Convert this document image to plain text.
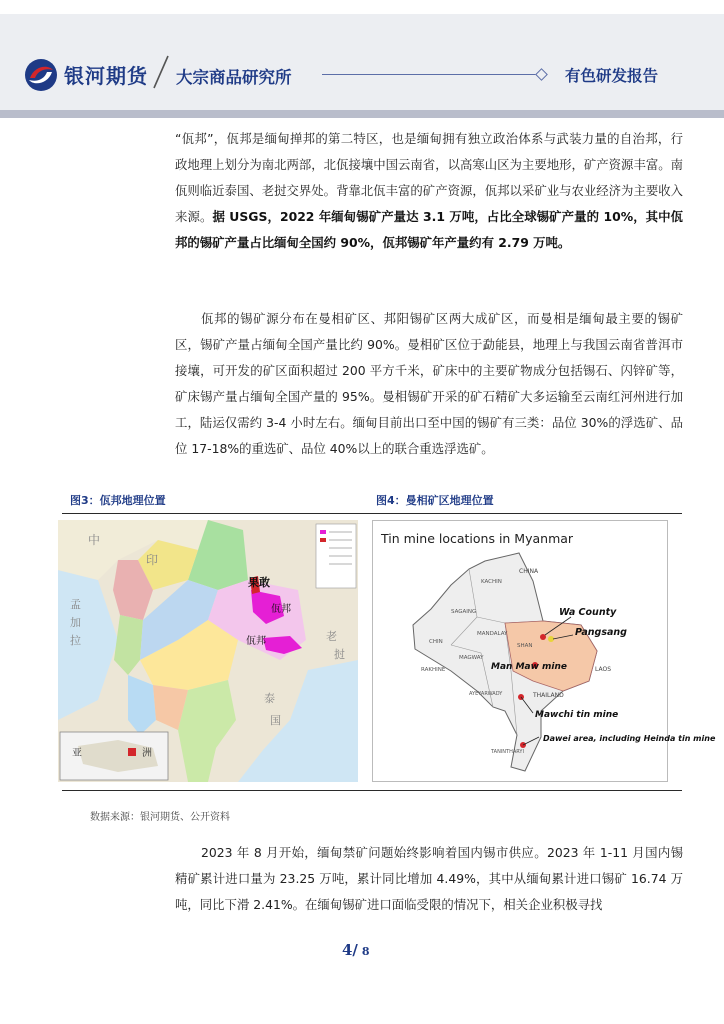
银河期货 大宗商品研究所	有色研发报告

“佤邦”，佤邦是缅甸掸邦的第二特区，也是缅甸拥有独立政治体系与武装力量的自治邦，行政地理上划分为南北两部，北佤接壤中国云南省，以高寒山区为主要地形，矿产资源丰富。南佤则临近泰国、老挝交界处。背靠北佤丰富的矿产资源，佤邦以采矿业与农业经济为主要收入来源。据 USGS，2022 年缅甸锡矿产量达 3.1 万吨，占比全球锡矿产量的 10%，其中佤邦的锡矿产量占比缅甸全国约 90%，佤邦锡矿年产量约有 2.79 万吨。

佤邦的锡矿源分布在曼相矿区、邦阳锡矿区两大成矿区，而曼相是缅甸最主要的锡矿区，锡矿产量占缅甸全国产量比约 90%。曼相矿区位于勐能县，地理上与我国云南省普洱市接壤，可开发的矿区面积超过 200 平方千米，矿床中的主要矿物成分包括锡石、闪锌矿等，矿床锡产量占缅甸全国产量的 95%。曼相锡矿开采的矿石精矿大多运输至云南红河州进行加工，陆运仅需约 3-4 小时左右。缅甸目前出口至中国的锡矿有三类：品位 30%的浮选矿、品位 17-18%的重选矿、品位 40%以上的联合重选浮选矿。

图3：佤邦地理位置	图4：曼相矿区地理位置
亚	洲
果敢
佤邦
佤邦
中
印
孟
加
拉	老
挝
泰
国
Tin mine locations in Myanmar
Wa County
Pangsang
Man Maw mine
Mawchi tin mine
Dawei area, including Heinda tin mine
CHINA
LAOS
THAILAND
KACHIN
SAGAING
SHAN
CHIN
MANDALAY
MAGWAY
RAKHINE
AYEYARWADY
TANINTHARYI
数据来源：银河期货、公开资料

2023 年 8 月开始，缅甸禁矿问题始终影响着国内锡市供应。2023 年 1-11 月国内锡精矿累计进口量为 23.25 万吨，累计同比增加 4.49%，其中从缅甸累计进口锡矿 16.74 万吨，同比下滑 2.41%。在缅甸锡矿进口面临受限的情况下，相关企业积极寻找

4/ 8
